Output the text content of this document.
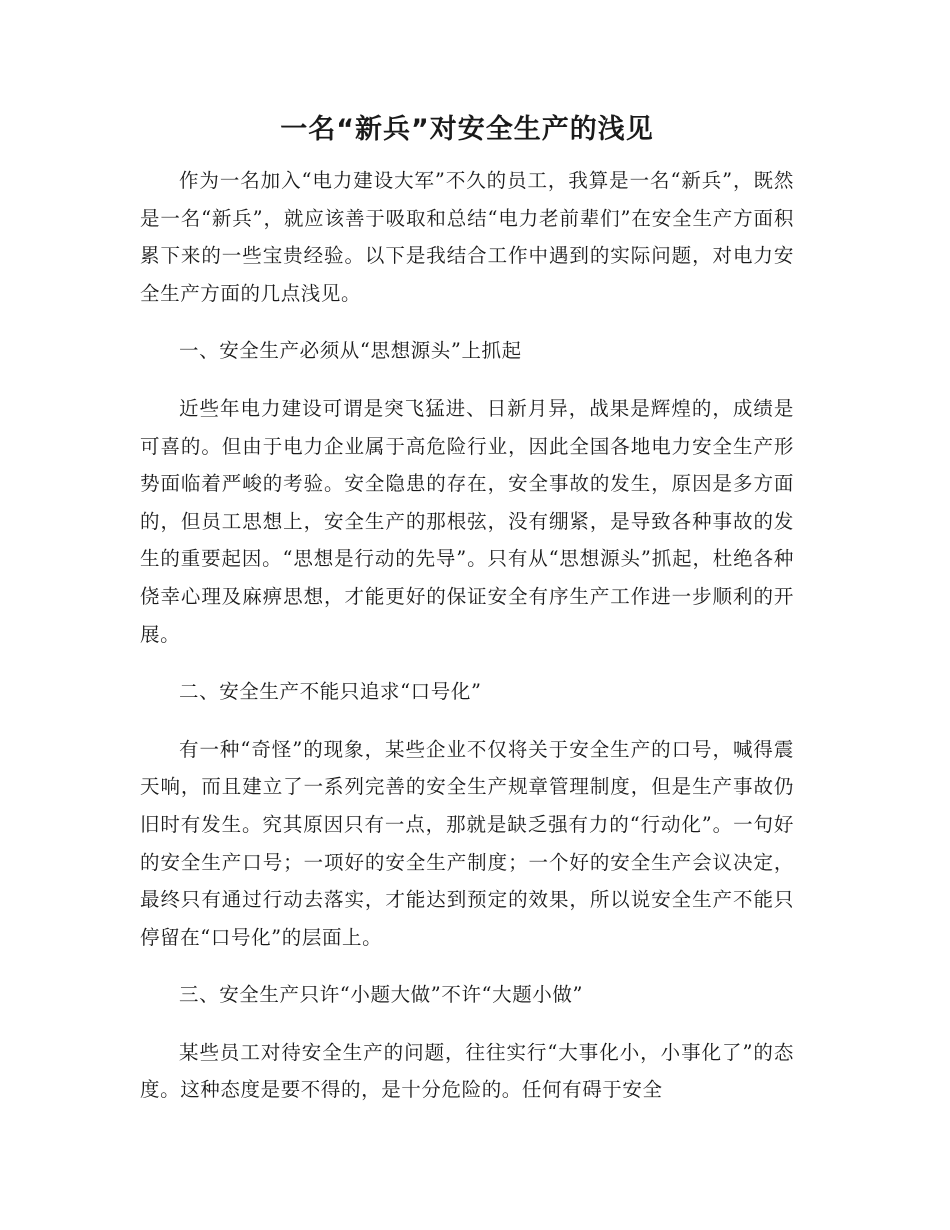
一名“新兵”对安全生产的浅见

作为一名加入“电力建设大军”不久的员工，我算是一名“新兵”，既然是一名“新兵”，就应该善于吸取和总结“电力老前辈们”在安全生产方面积累下来的一些宝贵经验。以下是我结合工作中遇到的实际问题，对电力安全生产方面的几点浅见。

一、安全生产必须从“思想源头”上抓起

近些年电力建设可谓是突飞猛进、日新月异，战果是辉煌的，成绩是可喜的。但由于电力企业属于高危险行业，因此全国各地电力安全生产形势面临着严峻的考验。安全隐患的存在，安全事故的发生，原因是多方面的，但员工思想上，安全生产的那根弦，没有绷紧，是导致各种事故的发生的重要起因。“思想是行动的先导”。只有从“思想源头”抓起，杜绝各种侥幸心理及麻痹思想，才能更好的保证安全有序生产工作进一步顺利的开展。

二、安全生产不能只追求“口号化”

有一种“奇怪”的现象，某些企业不仅将关于安全生产的口号，喊得震天响，而且建立了一系列完善的安全生产规章管理制度，但是生产事故仍旧时有发生。究其原因只有一点，那就是缺乏强有力的“行动化”。一句好的安全生产口号；一项好的安全生产制度；一个好的安全生产会议决定，最终只有通过行动去落实，才能达到预定的效果，所以说安全生产不能只停留在“口号化”的层面上。

三、安全生产只许“小题大做”不许“大题小做”

某些员工对待安全生产的问题，往往实行“大事化小，小事化了”的态度。这种态度是要不得的，是十分危险的。任何有碍于安全
